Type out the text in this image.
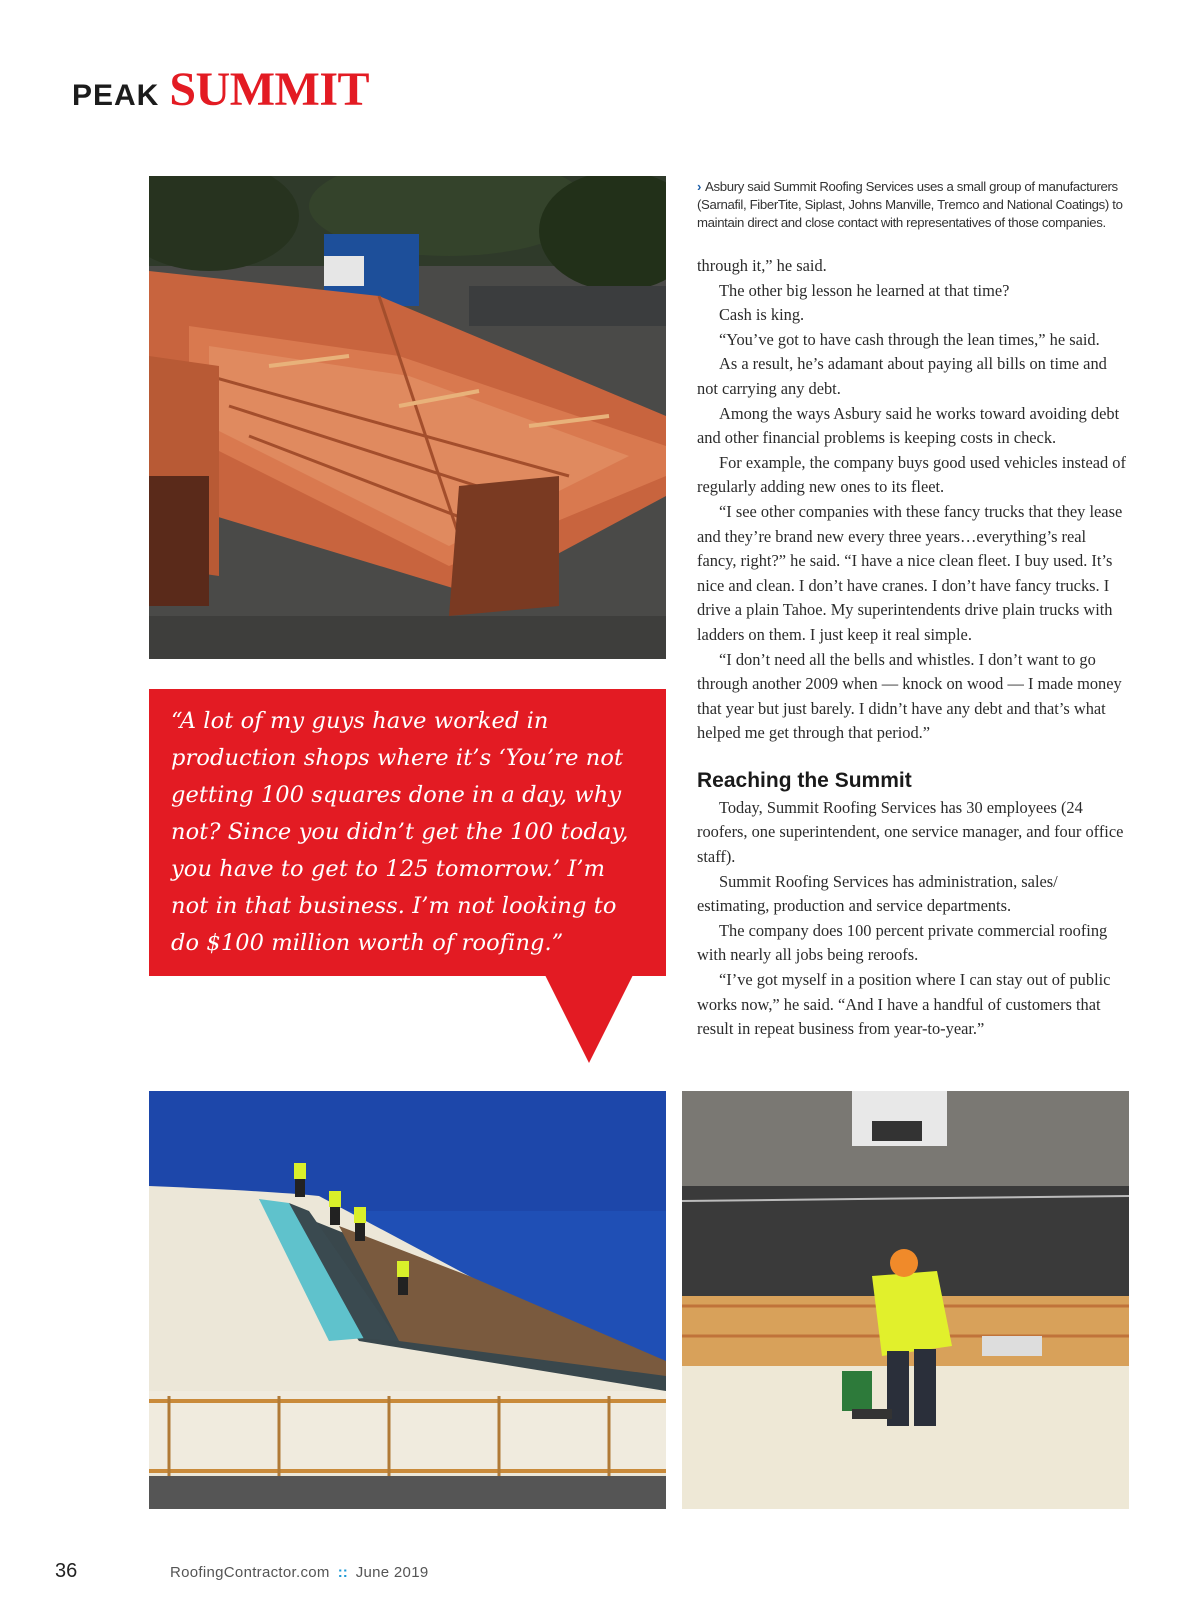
PEAK SUMMIT
› Asbury said Summit Roofing Services uses a small group of manufacturers (Sarnafil, FiberTite, Siplast, Johns Manville, Tremco and National Coatings) to maintain direct and close contact with representatives of those companies.

through it,” he said.

The other big lesson he learned at that time?

Cash is king.

“You’ve got to have cash through the lean times,” he said.

As a result, he’s adamant about paying all bills on time and not carrying any debt.

Among the ways Asbury said he works toward avoiding debt and other financial problems is keeping costs in check.

For example, the company buys good used vehicles instead of regularly adding new ones to its fleet.

“I see other companies with these fancy trucks that they lease and they’re brand new every three years…everything’s real fancy, right?” he said. “I have a nice clean fleet. I buy used. It’s nice and clean. I don’t have cranes. I don’t have fancy trucks. I drive a plain Tahoe. My superintendents drive plain trucks with ladders on them. I just keep it real simple.

“I don’t need all the bells and whistles. I don’t want to go through another 2009 when — knock on wood — I made money that year but just barely. I didn’t have any debt and that’s what helped me get through that period.”

Reaching the Summit

Today, Summit Roofing Services has 30 employees (24 roofers, one superintendent, one service manager, and four office staff).

Summit Roofing Services has administration, sales/ estimating, production and service departments.

The company does 100 percent private commercial roofing with nearly all jobs being reroofs.

“I’ve got myself in a position where I can stay out of public works now,” he said. “And I have a handful of customers that result in repeat business from year-to-year.”

“A lot of my guys have worked in production shops where it’s ‘You’re not getting 100 squares done in a day, why not? Since you didn’t get the 100 today, you have to get to 125 tomorrow.’ I’m not in that business. I’m not looking to do $100 million worth of roofing.”
36	RoofingContractor.com :: June 2019
